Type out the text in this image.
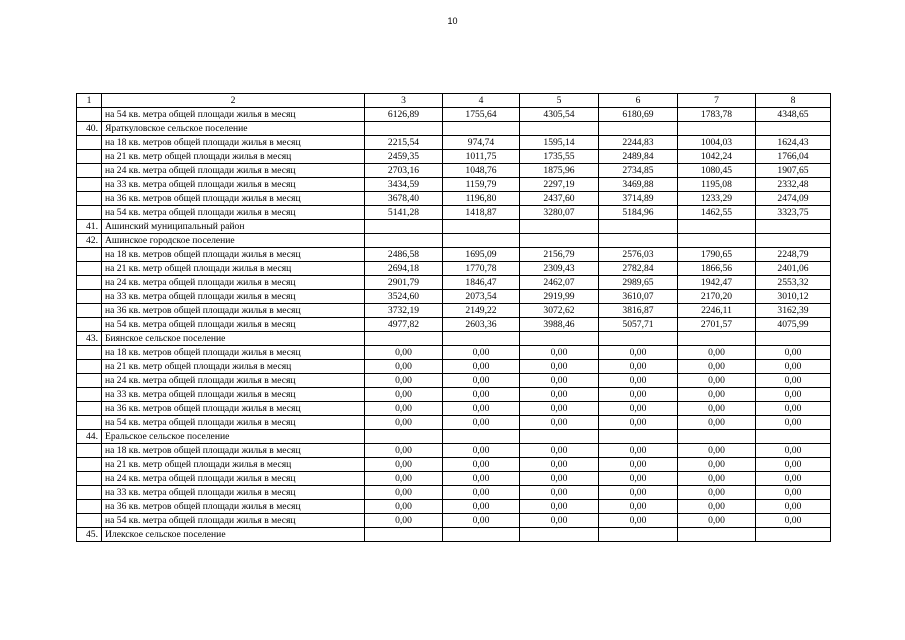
10
1	2	3	4	5	6	7	8
	на 54 кв. метра общей площади жилья в месяц	6126,89	1755,64	4305,54	6180,69	1783,78	4348,65
40.	Яраткуловское сельское поселение						
	на 18 кв. метров общей площади жилья в месяц	2215,54	974,74	1595,14	2244,83	1004,03	1624,43
	на 21 кв. метр общей площади жилья в месяц	2459,35	1011,75	1735,55	2489,84	1042,24	1766,04
	на 24 кв. метра общей площади жилья в месяц	2703,16	1048,76	1875,96	2734,85	1080,45	1907,65
	на 33 кв. метра общей площади жилья в месяц	3434,59	1159,79	2297,19	3469,88	1195,08	2332,48
	на 36 кв. метров общей площади жилья в месяц	3678,40	1196,80	2437,60	3714,89	1233,29	2474,09
	на 54 кв. метра общей площади жилья в месяц	5141,28	1418,87	3280,07	5184,96	1462,55	3323,75
41.	Ашинский муниципальный район						
42.	Ашинское городское поселение						
	на 18 кв. метров общей площади жилья в месяц	2486,58	1695,09	2156,79	2576,03	1790,65	2248,79
	на 21 кв. метр общей площади жилья в месяц	2694,18	1770,78	2309,43	2782,84	1866,56	2401,06
	на 24 кв. метра общей площади жилья в месяц	2901,79	1846,47	2462,07	2989,65	1942,47	2553,32
	на 33 кв. метра общей площади жилья в месяц	3524,60	2073,54	2919,99	3610,07	2170,20	3010,12
	на 36 кв. метров общей площади жилья в месяц	3732,19	2149,22	3072,62	3816,87	2246,11	3162,39
	на 54 кв. метра общей площади жилья в месяц	4977,82	2603,36	3988,46	5057,71	2701,57	4075,99
43.	Биянское сельское поселение						
	на 18 кв. метров общей площади жилья в месяц	0,00	0,00	0,00	0,00	0,00	0,00
	на 21 кв. метр общей площади жилья в месяц	0,00	0,00	0,00	0,00	0,00	0,00
	на 24 кв. метра общей площади жилья в месяц	0,00	0,00	0,00	0,00	0,00	0,00
	на 33 кв. метра общей площади жилья в месяц	0,00	0,00	0,00	0,00	0,00	0,00
	на 36 кв. метров общей площади жилья в месяц	0,00	0,00	0,00	0,00	0,00	0,00
	на 54 кв. метра общей площади жилья в месяц	0,00	0,00	0,00	0,00	0,00	0,00
44.	Еральское сельское поселение						
	на 18 кв. метров общей площади жилья в месяц	0,00	0,00	0,00	0,00	0,00	0,00
	на 21 кв. метр общей площади жилья в месяц	0,00	0,00	0,00	0,00	0,00	0,00
	на 24 кв. метра общей площади жилья в месяц	0,00	0,00	0,00	0,00	0,00	0,00
	на 33 кв. метра общей площади жилья в месяц	0,00	0,00	0,00	0,00	0,00	0,00
	на 36 кв. метров общей площади жилья в месяц	0,00	0,00	0,00	0,00	0,00	0,00
	на 54 кв. метра общей площади жилья в месяц	0,00	0,00	0,00	0,00	0,00	0,00
45.	Илекское сельское поселение						
